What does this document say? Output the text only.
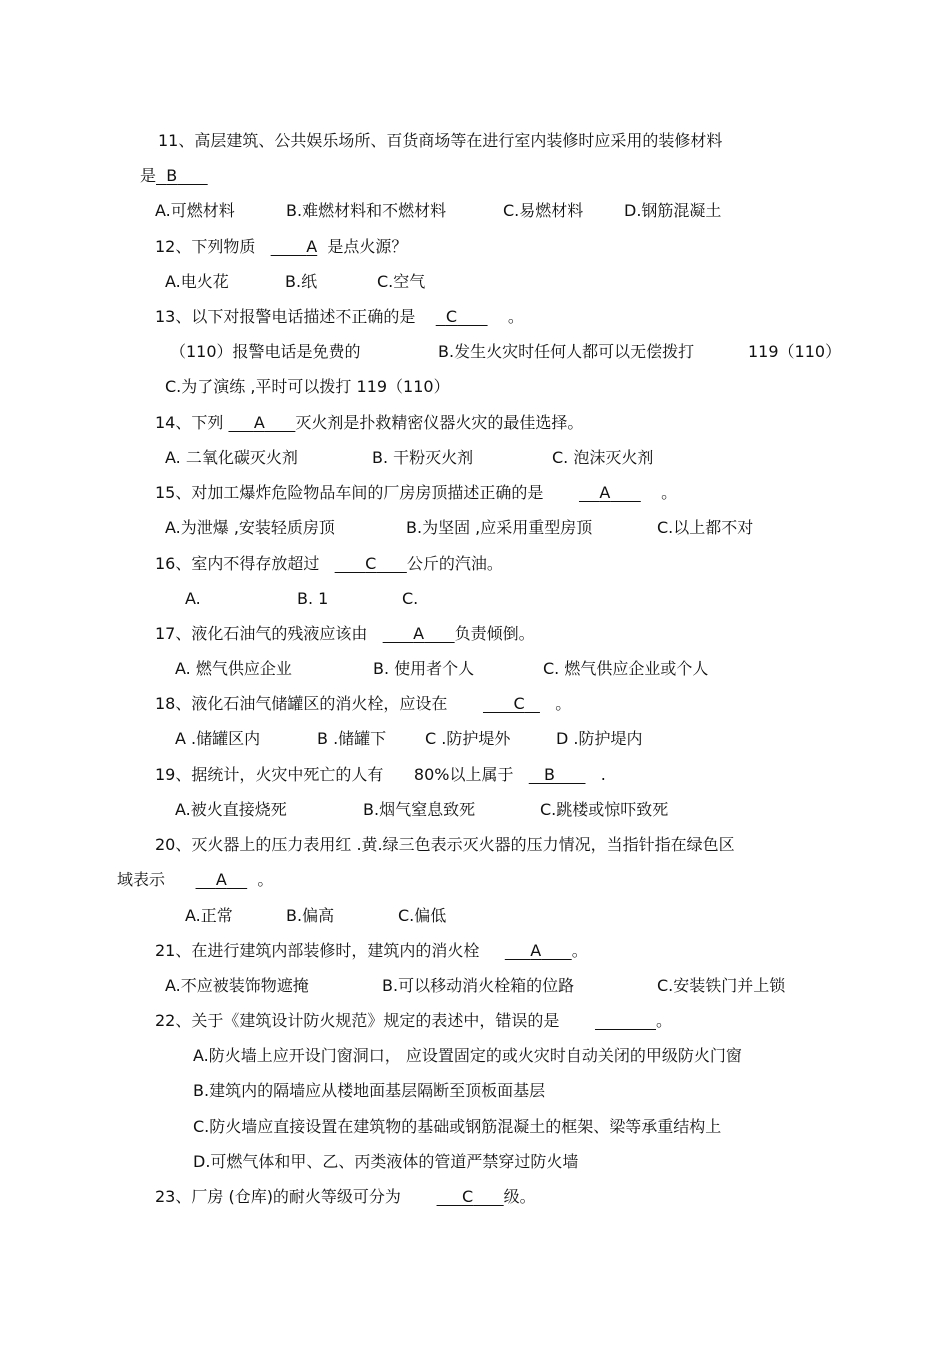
11、高层建筑、公共娱乐场所、百货商场等在进行室内装修时应采用的装修材料
是 B
A.可燃材料	B.难燃材料和不燃材料	C.易燃材料	D.钢筋混凝土
12、下列物质	A 是点火源？
A.电火花	B.纸	C.空气
13、以下对报警电话描述不正确的是 C	。
（110）报警电话是免费的	B.发生火灾时任何人都可以无偿拨打	119（110）
C.为了演练 ,平时可以拨打 119（110）
14、下列 A 灭火剂是扑救精密仪器火灾的最佳选择。
A. 二氧化碳灭火剂	B. 干粉灭火剂	C. 泡沫灭火剂
15、对加工爆炸危险物品车间的厂房房顶描述正确的是	A	。
A.为泄爆 ,安装轻质房顶	B.为坚固 ,应采用重型房顶	C.以上都不对
16、室内不得存放超过	C 公斤的汽油。
A.	B. 1	C.
17、液化石油气的残液应该由	A 负责倾倒。
A. 燃气供应企业	B. 使用者个人	C. 燃气供应企业或个人
18、液化石油气储罐区的消火栓，应设在	C 。
A .储罐区内	B .储罐下 C .防护堤外	D .防护堤内
19、据统计，火灾中死亡的人有 80%以上属于 B	.
A.被火直接烧死	B.烟气窒息致死	C.跳楼或惊吓致死
20、灭火器上的压力表用红 .黄.绿三色表示灭火器的压力情况，当指针指在绿色区
域表示	A 。
A.正常	B.偏高	C.偏低
21、在进行建筑内部装修时，建筑内的消火栓	A 。
A.不应被装饰物遮掩	B.可以移动消火栓箱的位路	C.安装铁门并上锁
22、关于《建筑设计防火规范》规定的表述中，错误的是	。
A.防火墙上应开设门窗洞口， 应设置固定的或火灾时自动关闭的甲级防火门窗
B.建筑内的隔墙应从楼地面基层隔断至顶板面基层
C.防火墙应直接设置在建筑物的基础或钢筋混凝土的框架、梁等承重结构上
D.可燃气体和甲、乙、丙类液体的管道严禁穿过防火墙
23、厂房 (仓库)的耐火等级可分为	C 级。
